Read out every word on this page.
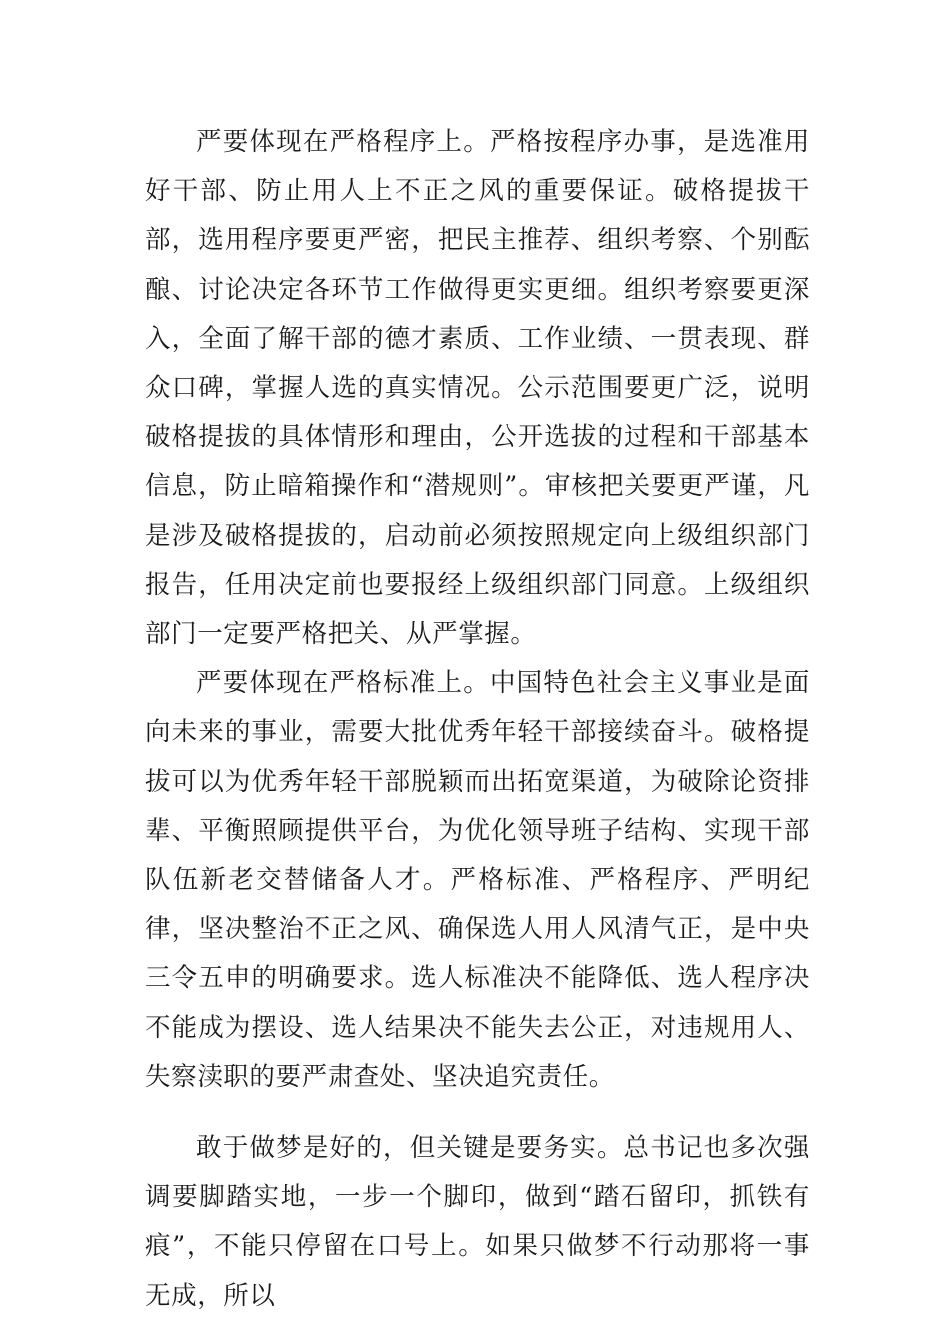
严要体现在严格程序上。严格按程序办事，是选准用好干部、防止用人上不正之风的重要保证。破格提拔干部，选用程序要更严密，把民主推荐、组织考察、个别酝酿、讨论决定各环节工作做得更实更细。组织考察要更深入，全面了解干部的德才素质、工作业绩、一贯表现、群众口碑，掌握人选的真实情况。公示范围要更广泛，说明破格提拔的具体情形和理由，公开选拔的过程和干部基本信息，防止暗箱操作和“潜规则”。审核把关要更严谨，凡是涉及破格提拔的，启动前必须按照规定向上级组织部门报告，任用决定前也要报经上级组织部门同意。上级组织部门一定要严格把关、从严掌握。

严要体现在严格标准上。中国特色社会主义事业是面向未来的事业，需要大批优秀年轻干部接续奋斗。破格提拔可以为优秀年轻干部脱颖而出拓宽渠道，为破除论资排辈、平衡照顾提供平台，为优化领导班子结构、实现干部队伍新老交替储备人才。严格标准、严格程序、严明纪律，坚决整治不正之风、确保选人用人风清气正，是中央三令五申的明确要求。选人标准决不能降低、选人程序决不能成为摆设、选人结果决不能失去公正，对违规用人、失察渎职的要严肃查处、坚决追究责任。

敢于做梦是好的，但关键是要务实。总书记也多次强调要脚踏实地，一步一个脚印，做到“踏石留印，抓铁有痕”，不能只停留在口号上。如果只做梦不行动那将一事无成，所以
